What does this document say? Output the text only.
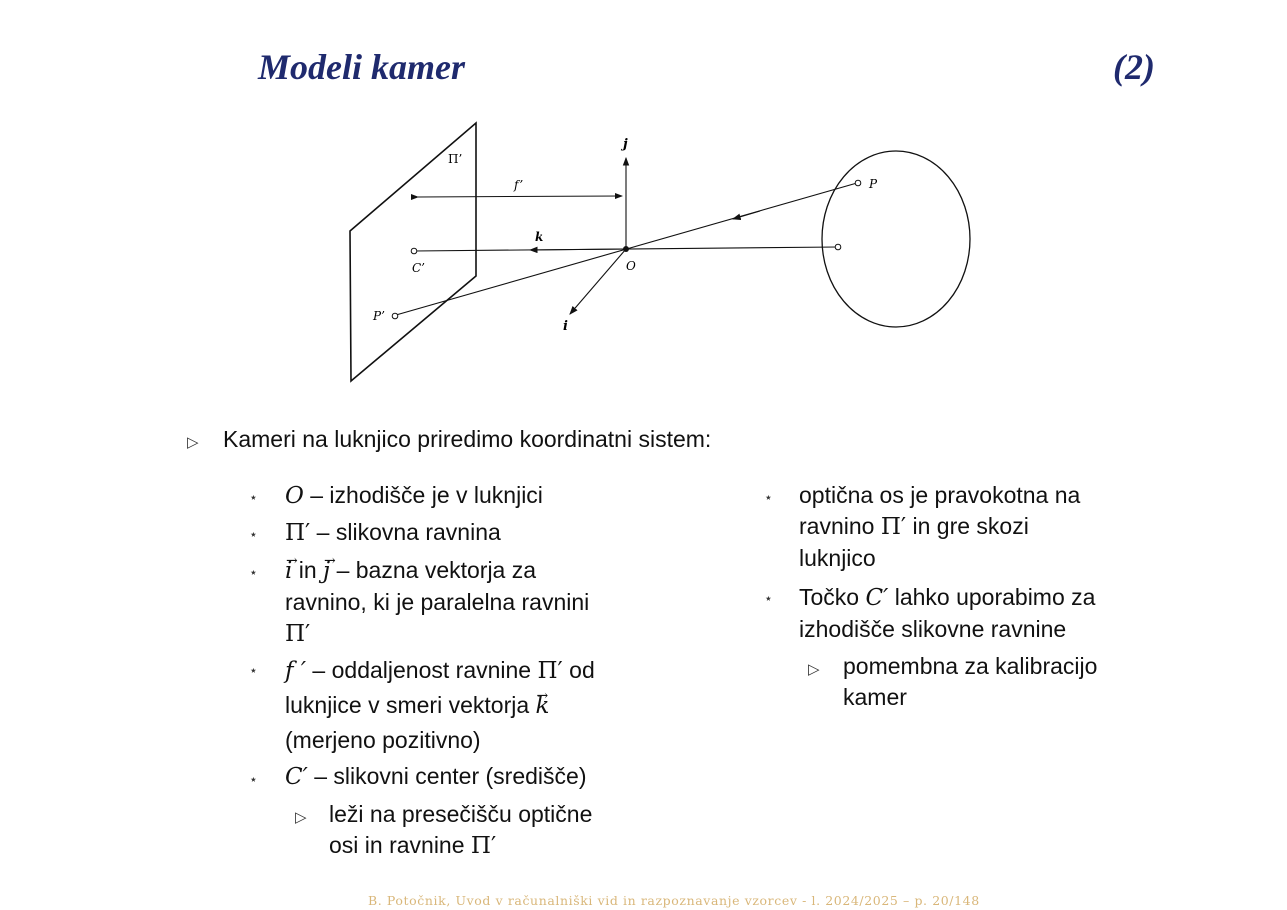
Modeli kamer	(2)
j
k
i
O
P
P’
C’
Π’
f’
▷ Kameri na luknjico priredimo koordinatni sistem:
⋆ O – izhodišče je v luknjici
⋆ Π′ – slikovna ravnina
⋆
→ i in → j – bazna vektorja za
ravnino, ki je paralelna ravnini
Π′
⋆ f ′ – oddaljenost ravnine Π′ od
luknjice v smeri vektorja → k
(merjeno pozitivno)
⋆ C′ – slikovni center (središče)
▷ leži na presečišču optične
osi in ravnine Π′
⋆ optična os je pravokotna na
ravnino Π′ in gre skozi
luknjico
⋆ Točko C′ lahko uporabimo za
izhodišče slikovne ravnine
▷ pomembna za kalibracijo
kamer
B. Potočnik, Uvod v računalniški vid in razpoznavanje vzorcev - l. 2024/2025 – p. 20/148
